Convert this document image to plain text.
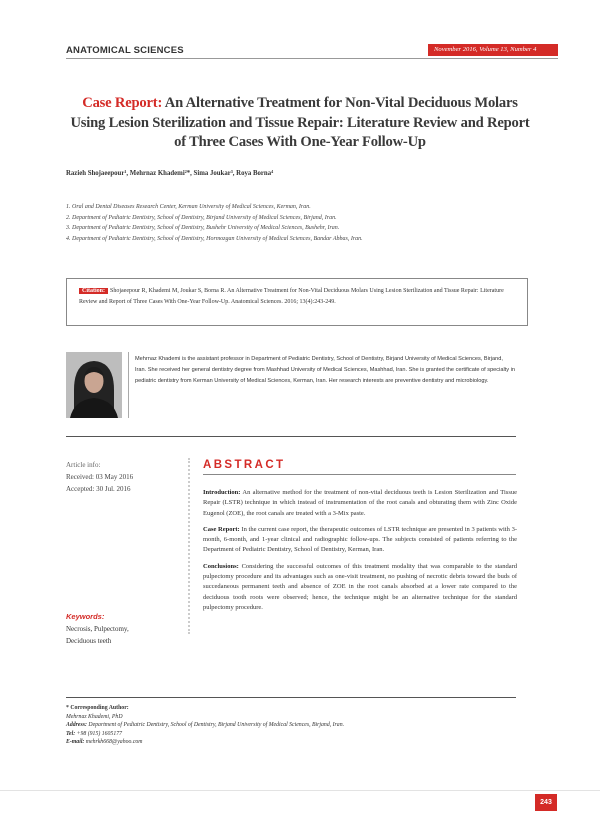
ANATOMICAL SCIENCES	November 2016, Volume 13, Number 4
Case Report: An Alternative Treatment for Non-Vital Deciduous Molars Using Lesion Sterilization and Tissue Repair: Literature Review and Report of Three Cases With One-Year Follow-Up
Razieh Shojaeepour¹, Mehrnaz Khademi²*, Sima Joukar³, Roya Borna⁴
1. Oral and Dental Diseases Research Center, Kerman University of Medical Sciences, Kerman, Iran.
2. Department of Pediatric Dentistry, School of Dentistry, Birjand University of Medical Sciences, Birjand, Iran.
3. Department of Pediatric Dentistry, School of Dentistry, Bushehr University of Medical Sciences, Bushehr, Iran.
4. Department of Pediatric Dentistry, School of Dentistry, Hormozgan University of Medical Sciences, Bandar Abbas, Iran.
Citation: Shojaeepour R, Khademi M, Joukar S, Borna R. An Alternative Treatment for Non-Vital Deciduous Molars Using Lesion Sterilization and Tissue Repair: Literature Review and Report of Three Cases With One-Year Follow-Up. Anatomical Sciences. 2016; 13(4):243-249.
Mehrnaz Khademi is the assistant professor in Department of Pediatric Dentistry, School of Dentistry, Birjand University of Medical Sciences, Birjand, Iran. She received her general dentistry degree from Mashhad University of Medical Sciences, Mashhad, Iran. She is granted the certificate of specialty in pediatric dentistry from Kerman University of Medical Sciences, Kerman, Iran. Her research interests are preventive dentistry and microbiology.
Article info:
Received: 03 May 2016
Accepted: 30 Jul. 2016
Keywords:
Necrosis, Pulpectomy,
Deciduous teeth
ABSTRACT

Introduction: An alternative method for the treatment of non-vital deciduous teeth is Lesion Sterilization and Tissue Repair (LSTR) technique in which instead of instrumentation of the root canals and obturating them with Zinc Oxide Eugenol (ZOE), the root canals are treated with a 3-Mix paste.

Case Report: In the current case report, the therapeutic outcomes of LSTR technique are presented in 3 patients with 3-month, 6-month, and 1-year clinical and radiographic follow-ups. The subjects consisted of patients referring to the Department of Pediatric Dentistry, School of Dentistry, Kerman, Iran.

Conclusions: Considering the successful outcomes of this treatment modality that was comparable to the standard pulpectomy procedure and its advantages such as one-visit treatment, no pushing of necrotic debris toward the buds of succedaneous permanent teeth and absence of ZOE in the root canals absorbed at a lower rate compared to the deciduous tooth roots were observed; hence, the technique might be an alternative technique for the standard pulpectomy procedure.

* Corresponding Author:
Mehrnaz Khademi, PhD
Address: Department of Pediatric Dentistry, School of Dentistry, Birjand University of Medical Sciences, Birjand, Iran.
Tel: +98 (915) 1605177
E-mail: mehrkh668@yahoo.com
243
